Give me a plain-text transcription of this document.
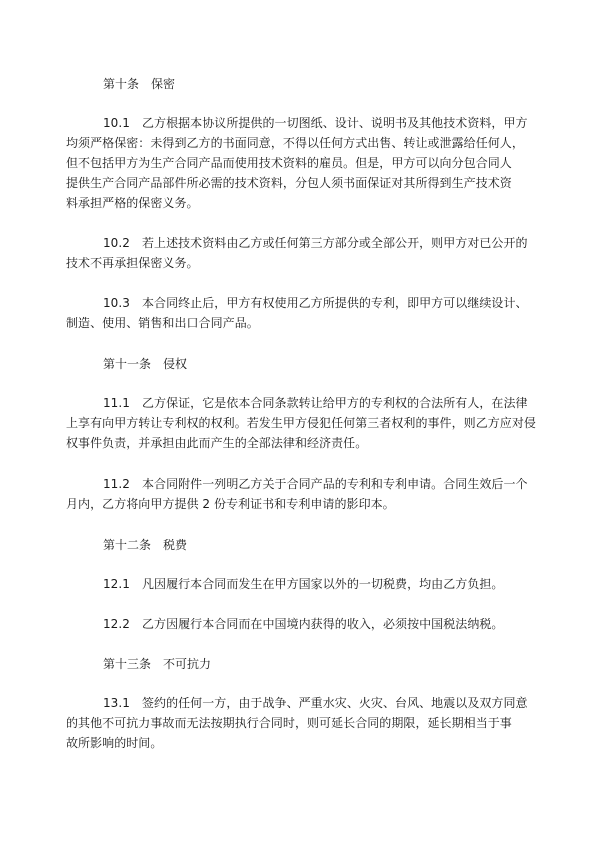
第十条　保密
10.1　乙方根据本协议所提供的一切图纸、设计、说明书及其他技术资料，甲方
均须严格保密：未得到乙方的书面同意，不得以任何方式出售、转让或泄露给任何人，
但不包括甲方为生产合同产品而使用技术资料的雇员。但是，甲方可以向分包合同人
提供生产合同产品部件所必需的技术资料，分包人须书面保证对其所得到生产技术资
料承担严格的保密义务。
10.2　若上述技术资料由乙方或任何第三方部分或全部公开，则甲方对已公开的
技术不再承担保密义务。
10.3　本合同终止后，甲方有权使用乙方所提供的专利，即甲方可以继续设计、
制造、使用、销售和出口合同产品。
第十一条　侵权
11.1　乙方保证，它是依本合同条款转让给甲方的专利权的合法所有人，在法律
上享有向甲方转让专利权的权利。若发生甲方侵犯任何第三者权利的事件，则乙方应对侵
权事件负责，并承担由此而产生的全部法律和经济责任。
11.2　本合同附件一列明乙方关于合同产品的专利和专利申请。合同生效后一个
月内，乙方将向甲方提供 2 份专利证书和专利申请的影印本。
第十二条　税费
12.1　凡因履行本合同而发生在甲方国家以外的一切税费，均由乙方负担。
12.2　乙方因履行本合同而在中国境内获得的收入，必须按中国税法纳税。
第十三条　不可抗力
13.1　签约的任何一方，由于战争、严重水灾、火灾、台风、地震以及双方同意
的其他不可抗力事故而无法按期执行合同时，则可延长合同的期限，延长期相当于事
故所影响的时间。
